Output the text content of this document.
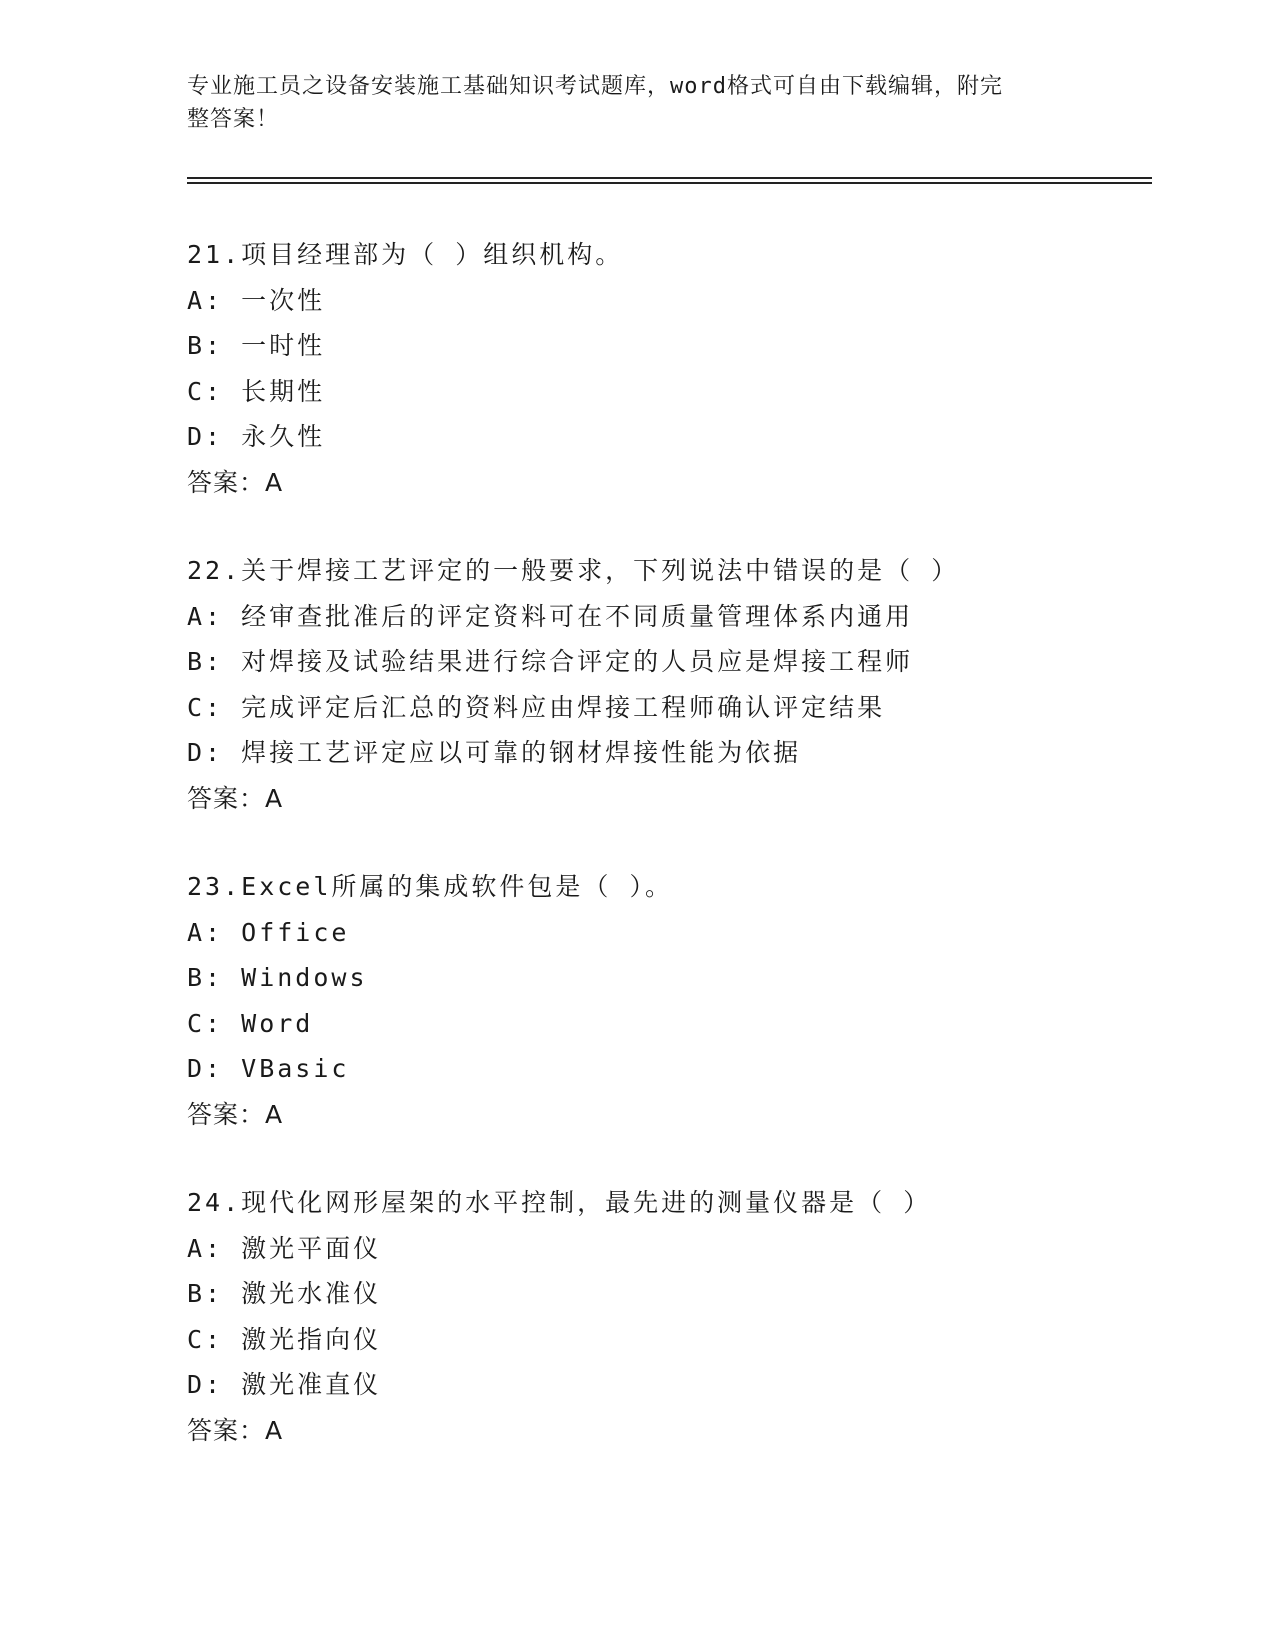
专业施工员之设备安装施工基础知识考试题库，word格式可自由下载编辑，附完
整答案！
21.项目经理部为（ ）组织机构。
A: 一次性
B: 一时性
C: 长期性
D: 永久性
答案：A
22.关于焊接工艺评定的一般要求，下列说法中错误的是（ ）
A: 经审查批准后的评定资料可在不同质量管理体系内通用
B: 对焊接及试验结果进行综合评定的人员应是焊接工程师
C: 完成评定后汇总的资料应由焊接工程师确认评定结果
D: 焊接工艺评定应以可靠的钢材焊接性能为依据
答案：A
23.Excel所属的集成软件包是（ ）。
A: Office
B: Windows
C: Word
D: VBasic
答案：A
24.现代化网形屋架的水平控制，最先进的测量仪器是（ ）
A: 激光平面仪
B: 激光水准仪
C: 激光指向仪
D: 激光准直仪
答案：A
